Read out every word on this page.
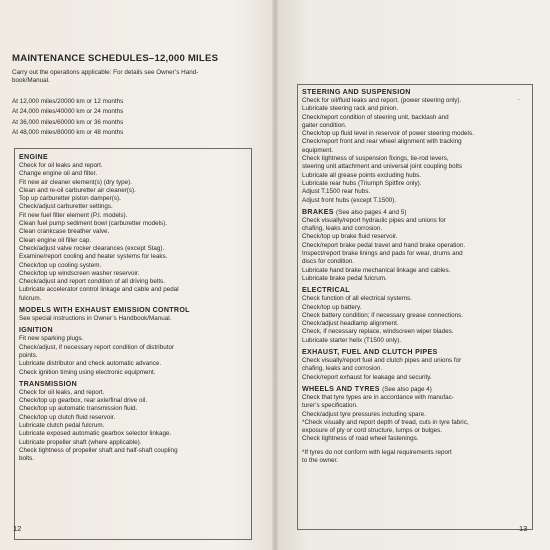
MAINTENANCE SCHEDULES–12,000 MILES
Carry out the operations applicable: For details see Owner’s Hand-
book/Manual.
At 12,000 miles/20000 km or 12 months
At 24,000 miles/40000 km or 24 months
At 36,000 miles/60000 km or 36 months
At 48,000 miles/80000 km or 48 months
ENGINE
Check for oil leaks and report.
Change engine oil and filter.
Fit new air cleaner element(s) (dry type).
Clean and re-oil carburetter air cleaner(s).
Top up carburetter piston damper(s).
Check/adjust carburetter settings.
Fit new fuel filter element (P.I. models).
Clean fuel pump sediment bowl (carburetter models).
Clean crankcase breather valve.
Clean engine oil filler cap.
Check/adjust valve rocker clearances (except Stag).
Examine/report cooling and heater systems for leaks.
Check/top up cooling system.
Check/top up windscreen washer reservoir.
Check/adjust and report condition of all driving belts.
Lubricate accelerator control linkage and cable and pedal
fulcrum.
MODELS WITH EXHAUST EMISSION CONTROL
See special instructions in Owner’s Handbook/Manual.
IGNITION
Fit new sparking plugs.
Check/adjust, if necessary report condition of distributor
points.
Lubricate distributor and check automatic advance.
Check ignition timing using electronic equipment.
TRANSMISSION
Check for oil leaks, and report.
Check/top up gearbox, rear axle/final drive oil.
Check/top up automatic transmission fluid.
Check/top up clutch fluid reservoir.
Lubricate clutch pedal fulcrum.
Lubricate exposed automatic gearbox selector linkage.
Lubricate propeller shaft (where applicable).
Check tightness of propeller shaft and half-shaft coupling
bolts.
STEERING AND SUSPENSION
Check for oil/fluid leaks and report. (power steering only).
Lubricate steering rack and pinion.
Check/report condition of steering unit, backlash and
gaiter condition.
Check/top up fluid level in reservoir of power steering models.
Check/report front and rear wheel alignment with tracking
equipment.
Check tightness of suspension fixings, tie-rod levers,
steering unit attachment and universal joint coupling bolts
Lubricate all grease points excluding hubs.
Lubricate rear hubs (Triumph Spitfire only).
Adjust T.1500 rear hubs.
Adjust front hubs (except T.1500).
BRAKES (See also pages 4 and 5)
Check visually/report hydraulic pipes and unions for
chafing, leaks and corrosion.
Check/top up brake fluid reservoir.
Check/report brake pedal travel and hand brake operation.
Inspect/report brake linings and pads for wear, drums and
discs for condition.
Lubricate hand brake mechanical linkage and cables.
Lubricate brake pedal fulcrum.
ELECTRICAL
Check function of all electrical systems.
Check/top up battery.
Check battery condition; if necessary grease connections.
Check/adjust headlamp alignment.
Check, if necessary replace, windscreen wiper blades.
Lubricate starter helix (T1500 only).
EXHAUST, FUEL AND CLUTCH PIPES
Check visually/report fuel and clutch pipes and unions for
chafing, leaks and corrosion.
Check/report exhaust for leakage and security.
WHEELS AND TYRES (See also page 4)
Check that tyre types are in accordance with manufac-
turer’s specification.
Check/adjust tyre pressures including spare.
*Check visually and report depth of tread, cuts in tyre fabric,
exposure of ply or cord structure, lumps or bulges.
Check tightness of road wheel fastenings.
*If tyres do not conform with legal requirements report
to the owner.
-
12	13
